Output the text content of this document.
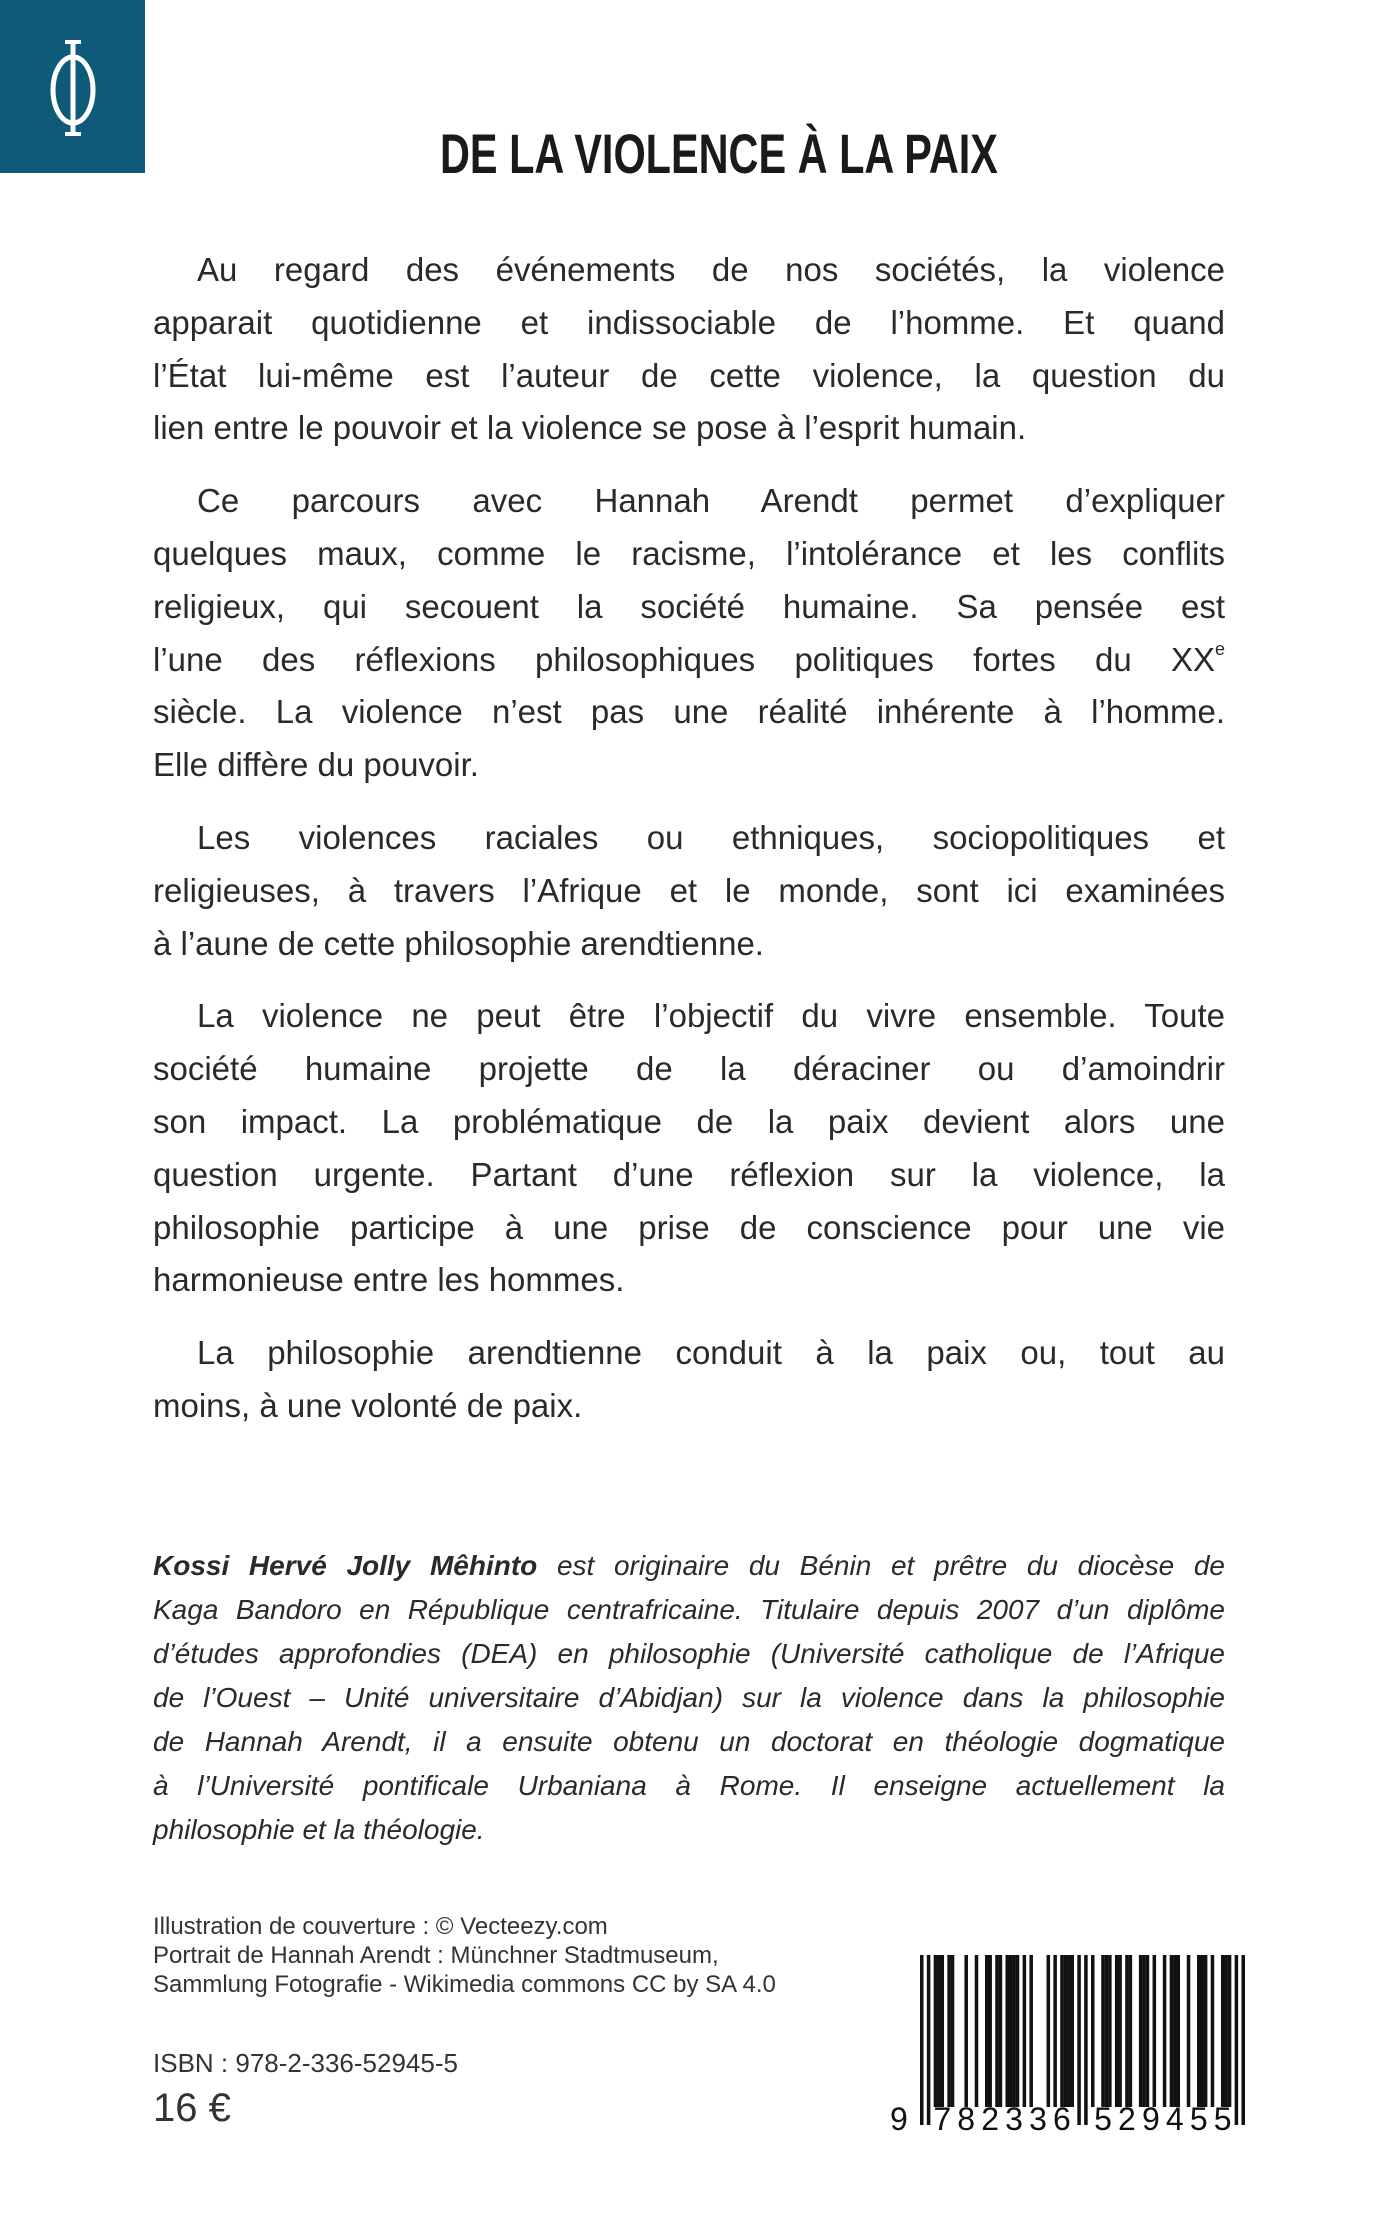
DE LA VIOLENCE À LA PAIX
Au regard des événements de nos sociétés, la violence
apparait quotidienne et indissociable de l’homme. Et quand
l’État lui-même est l’auteur de cette violence, la question du
lien entre le pouvoir et la violence se pose à l’esprit humain.
Ce parcours avec Hannah Arendt permet d’expliquer
quelques maux, comme le racisme, l’intolérance et les conflits
religieux, qui secouent la société humaine. Sa pensée est
l’une des réflexions philosophiques politiques fortes du XXe
siècle. La violence n’est pas une réalité inhérente à l’homme.
Elle diffère du pouvoir.
Les violences raciales ou ethniques, sociopolitiques et
religieuses, à travers l’Afrique et le monde, sont ici examinées
à l’aune de cette philosophie arendtienne.
La violence ne peut être l’objectif du vivre ensemble. Toute
société humaine projette de la déraciner ou d’amoindrir
son impact. La problématique de la paix devient alors une
question urgente. Partant d’une réflexion sur la violence, la
philosophie participe à une prise de conscience pour une vie
harmonieuse entre les hommes.
La philosophie arendtienne conduit à la paix ou, tout au
moins, à une volonté de paix.
Kossi Hervé Jolly Mêhinto est originaire du Bénin et prêtre du diocèse de
Kaga Bandoro en République centrafricaine. Titulaire depuis 2007 d’un diplôme
d’études approfondies (DEA) en philosophie (Université catholique de l’Afrique
de l’Ouest – Unité universitaire d’Abidjan) sur la violence dans la philosophie
de Hannah Arendt, il a ensuite obtenu un doctorat en théologie dogmatique
à l’Université pontificale Urbaniana à Rome. Il enseigne actuellement la
philosophie et la théologie.
Illustration de couverture : © Vecteezy.com
Portrait de Hannah Arendt : Münchner Stadtmuseum,
Sammlung Fotografie - Wikimedia commons CC by SA 4.0
ISBN : 978-2-336-52945-5
16 €	9 7 8 2 3 3 6 5 2 9 4 5 5
